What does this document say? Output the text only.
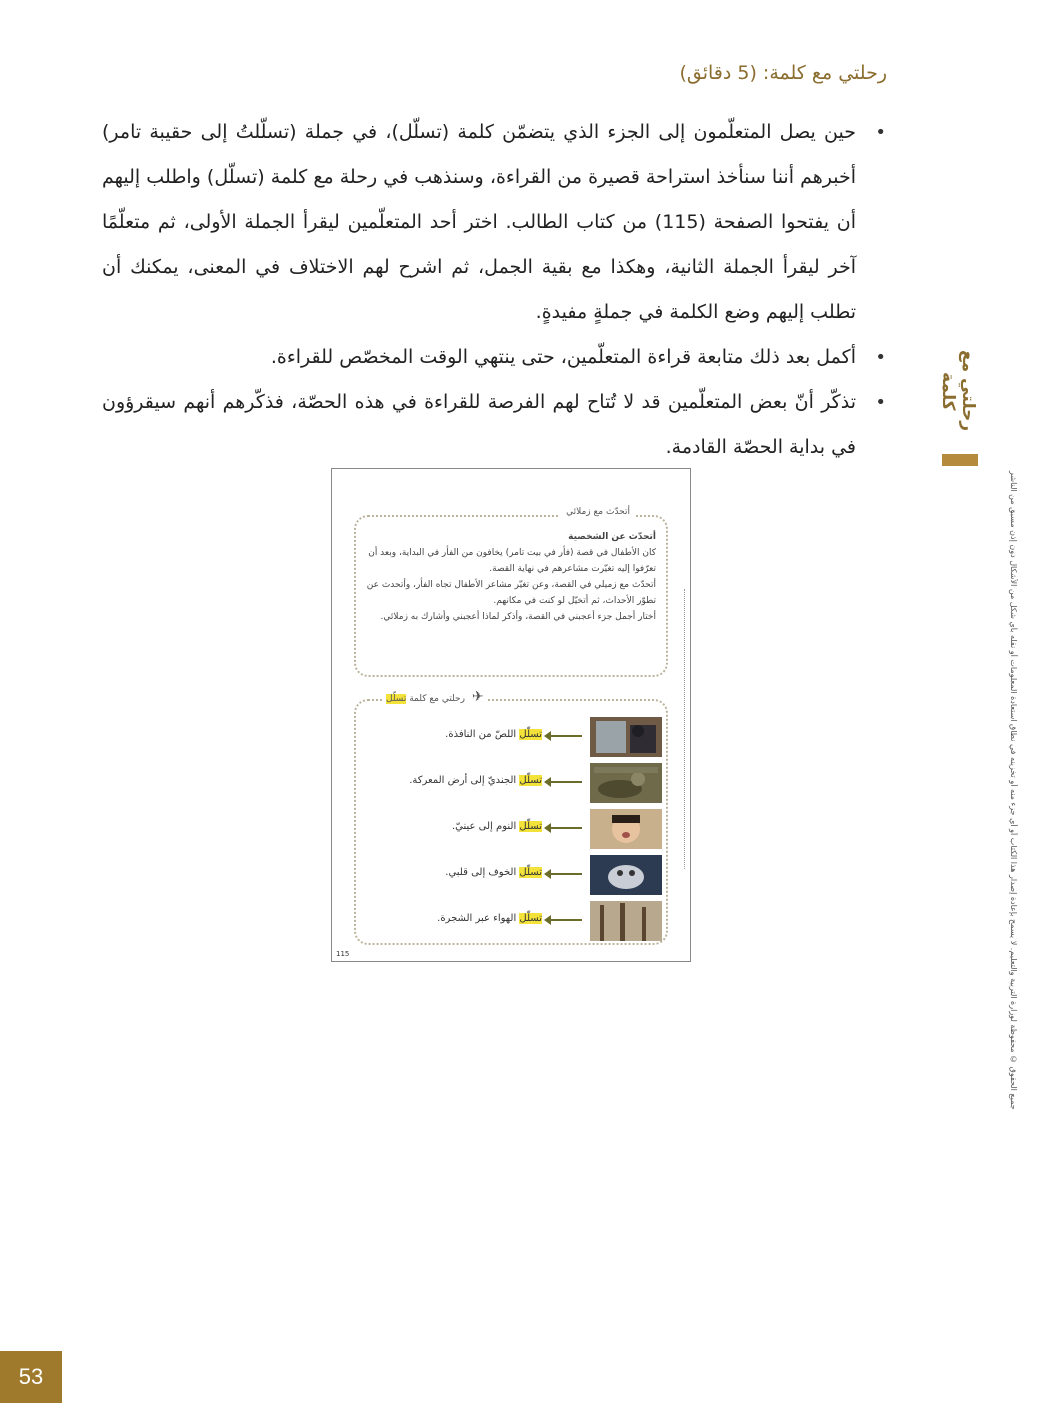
رحلتي مع كلمة: (5 دقائق)
• حين يصل المتعلّمون إلى الجزء الذي يتضمّن كلمة (تسلّل)، في جملة (تسلّلتُ إلى حقيبة تامر) أخبرهم أننا سنأخذ استراحة قصيرة من القراءة، وسنذهب في رحلة مع كلمة (تسلّل) واطلب إليهم أن يفتحوا الصفحة (115) من كتاب الطالب. اختر أحد المتعلّمين ليقرأ الجملة الأولى، ثم متعلّمًا آخر ليقرأ الجملة الثانية، وهكذا مع بقية الجمل، ثم اشرح لهم الاختلاف في المعنى، يمكنك أن تطلب إليهم وضع الكلمة في جملةٍ مفيدةٍ.
• أكمل بعد ذلك متابعة قراءة المتعلّمين، حتى ينتهي الوقت المخصّص للقراءة.
• تذكّر أنّ بعض المتعلّمين قد لا تُتاح لهم الفرصة للقراءة في هذه الحصّة، فذكّرهم أنهم سيقرؤون في بداية الحصّة القادمة.
رحلتي مع كلمة
جميع الحقوق © محفوظة لوزارة التربية والتعليم. لا يسمح بإعادة إصدار هذا الكتاب أو أي جزء منه أو تخزينه في نطاق استعادة المعلومات أو نقله بأي شكل من الأشكال دون إذن مسبق من الناشر
أتحدّث مع زملائي

أتحدّث عن الشخصية

كان الأطفال في قصة (فأر في بيت تامر) يخافون من الفأر في البداية، وبعد أن تعرّفوا إليه تغيّرت مشاعرهم في نهاية القصة.

أتحدّث مع زميلي في القصة، وعن تغيّر مشاعر الأطفال تجاه الفأر، وأتحدث عن تطوّر الأحداث، ثم أتخيّل لو كنت في مكانهم.

أختار أجمل جزء أعجبني في القصة، وأذكر لماذا أعجبني وأشارك به زملائي.

✈ رحلتي مع كلمة تسلّل
تسلّل اللصّ من النافذة.
تسلّل الجنديّ إلى أرض المعركة.
تسلّل النوم إلى عينيّ.
تسلّل الخوف إلى قلبي.
تسلّل الهواء عبر الشجرة.
115
53
